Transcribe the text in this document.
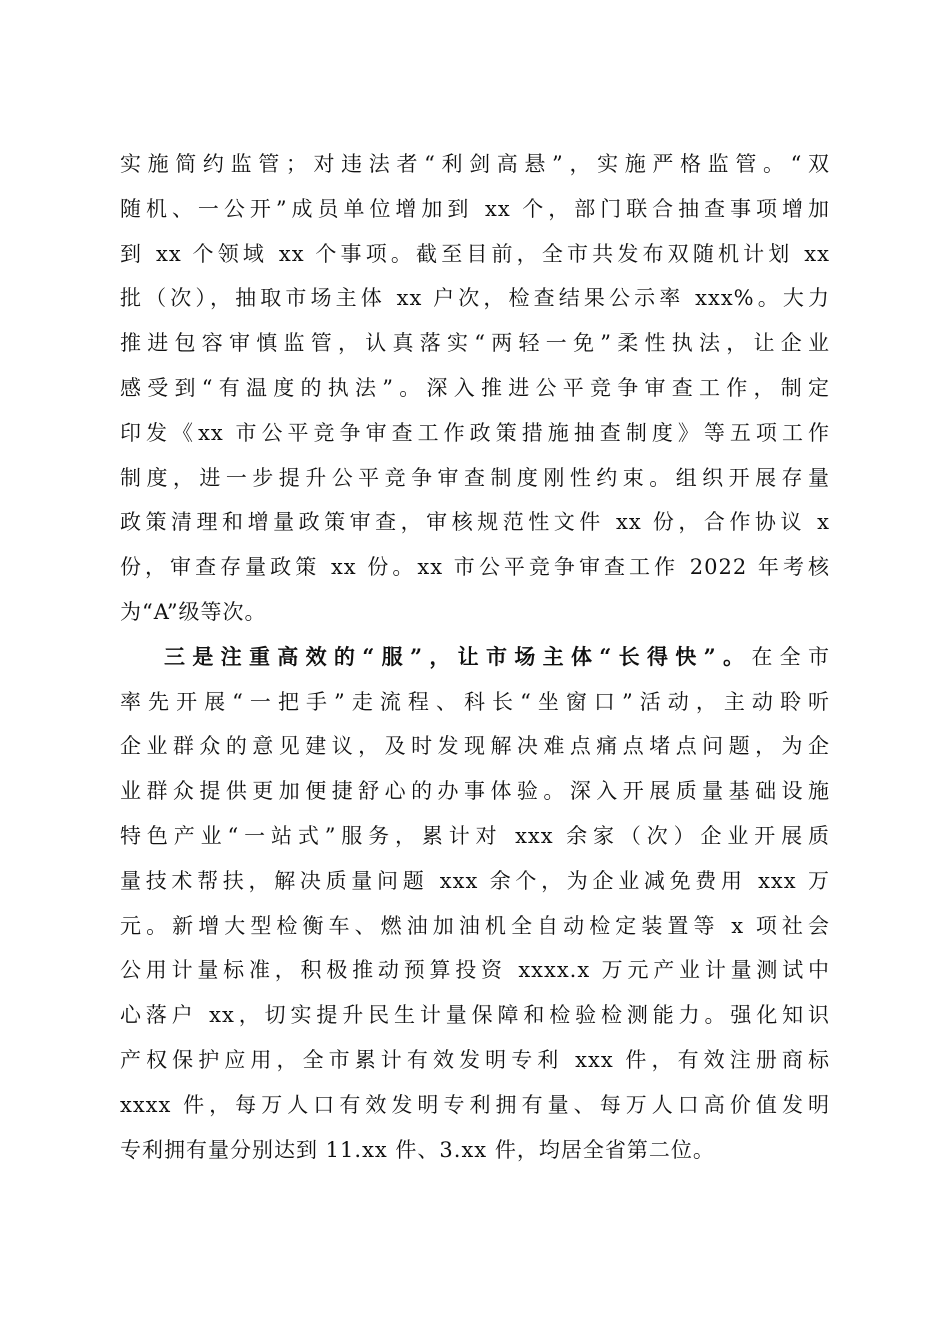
实施简约监管；对违法者“利剑高悬”，实施严格监管。“双
随机、一公开”成员单位增加到 xx 个，部门联合抽查事项增加
到 xx 个领域 xx 个事项。截至目前，全市共发布双随机计划 xx
批（次），抽取市场主体 xx 户次，检查结果公示率 xxx%。大力
推进包容审慎监管，认真落实“两轻一免”柔性执法，让企业
感受到“有温度的执法”。深入推进公平竞争审查工作，制定
印发《xx 市公平竞争审查工作政策措施抽查制度》等五项工作
制度，进一步提升公平竞争审查制度刚性约束。组织开展存量
政策清理和增量政策审查，审核规范性文件 xx 份，合作协议 x
份，审查存量政策 xx 份。xx 市公平竞争审查工作 2022 年考核
为“A”级等次。
三是注重高效的“服”，让市场主体“长得快”。在全市
率先开展“一把手”走流程、科长“坐窗口”活动，主动聆听
企业群众的意见建议，及时发现解决难点痛点堵点问题，为企
业群众提供更加便捷舒心的办事体验。深入开展质量基础设施
特色产业“一站式”服务，累计对 xxx 余家（次）企业开展质
量技术帮扶，解决质量问题 xxx 余个，为企业减免费用 xxx 万
元。新增大型检衡车、燃油加油机全自动检定装置等 x 项社会
公用计量标准，积极推动预算投资 xxxx.x 万元产业计量测试中
心落户 xx，切实提升民生计量保障和检验检测能力。强化知识
产权保护应用，全市累计有效发明专利 xxx 件，有效注册商标
xxxx 件，每万人口有效发明专利拥有量、每万人口高价值发明
专利拥有量分别达到 11.xx 件、3.xx 件，均居全省第二位。
